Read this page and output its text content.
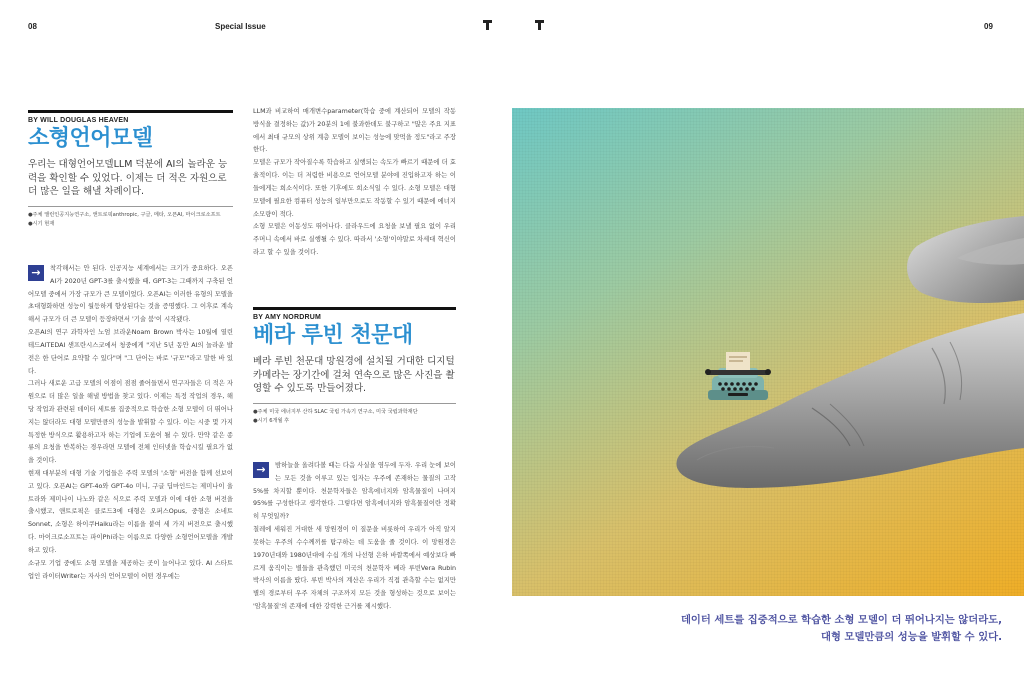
08	Special Issue	09
BY WILL DOUGLAS HEAVEN
소형언어모델
우리는 대형언어모델LLM 덕분에 AI의 놀라운 능력을 확인할 수 있었다. 이제는 더 적은 자원으로 더 많은 일을 해낼 차례이다.
●주체 앨런인공지능연구소, 앤트로픽anthropic, 구글, 메타, 오픈AI, 마이크로소프트
●시기 현재
→	착각해서는 안 된다. 인공지능 세계에서는 크기가 중요하다. 오픈AI가 2020년 GPT-3를 출시했을 때, GPT-3는 그때까지 구축된 언어모델 중에서 가장 규모가 큰 모델이었다. 오픈AI는 이러한 유형의 모델을 초대형화하면 성능이 월등하게 향상된다는 것을 증명했다. 그 이후로 계속해서 규모가 더 큰 모델이 등장하면서 '기술 붐'이 시작됐다.

오픈AI의 연구 과학자인 노엄 브라운Noam Brown 박사는 10월에 열린 테드AITEDAI 샌프란시스코에서 청중에게 "지난 5년 동안 AI의 놀라운 발전은 한 단어로 요약할 수 있다"며 "그 단어는 바로 '규모'"라고 말한 바 있다.

그러나 새로운 고급 모델의 이점이 점점 줄어들면서 연구자들은 더 적은 자원으로 더 많은 일을 해낼 방법을 찾고 있다. 이제는 특정 작업의 경우, 해당 작업과 관련된 데이터 세트를 집중적으로 학습한 소형 모델이 더 뛰어나지는 않더라도 대형 모델만큼의 성능을 발휘할 수 있다. 이는 시중 몇 가지 특정한 방식으로 활용하고자 하는 기업에 도움이 될 수 있다. 만약 같은 종류의 요청을 반복하는 경우라면 모델에 전체 인터넷을 학습시킬 필요가 없을 것이다.

현재 대부분의 대형 기술 기업들은 주력 모델의 '소형' 버전을 함께 선보이고 있다. 오픈AI는 GPT-4o와 GPT-4o 미니, 구글 딥마인드는 제미나이 울트라와 제미나이 나노와 같은 식으로 주력 모델과 이에 대한 소형 버전을 출시했고, 앤트로픽은 클로드3에 대형은 오퍼스Opus, 중형은 소네트Sonnet, 소형은 하이쿠Haiku라는 이름을 붙여 세 가지 버전으로 출시했다. 마이크로소프트는 파이Phi라는 이름으로 다양한 소형언어모델을 개발하고 있다.

소규모 기업 중에도 소형 모델을 제공하는 곳이 늘어나고 있다. AI 스타트업인 라이터Writer는 자사의 언어모델이 어떤 경우에는

LLM과 비교하여 매개변수parameter(학습 중에 계산되어 모델의 작동 방식을 결정하는 값)가 20분의 1에 불과한데도 불구하고 "많은 주요 지표에서 최대 규모의 상위 계층 모델이 보이는 성능에 맞먹을 정도"라고 주장한다.

모델은 규모가 작아질수록 학습하고 실행되는 속도가 빠르기 때문에 더 효율적이다. 이는 더 저렴한 비용으로 언어모델 분야에 진입하고자 하는 이들에게는 희소식이다. 또한 기후에도 희소식일 수 있다. 소형 모델은 대형 모델에 필요한 컴퓨터 성능의 일부만으로도 작동할 수 있기 때문에 에너지 소모량이 적다.

소형 모델은 이동성도 뛰어나다. 클라우드에 요청을 보낼 필요 없이 우리 주머니 속에서 바로 실행될 수 있다. 따라서 '소형'이야말로 차세대 혁신이라고 할 수 있을 것이다.

BY AMY NORDRUM
베라 루빈 천문대
베라 루빈 천문대 망원경에 설치될 거대한 디지털카메라는 장기간에 걸쳐 연속으로 많은 사진을 촬영할 수 있도록 만들어졌다.
●주체 미국 에너지부 산하 SLAC 국립 가속기 연구소, 미국 국립과학재단
●시기 6개월 후
→	밤하늘을 올려다볼 때는 다음 사실을 염두에 두자. 우리 눈에 보이는 모든 것을 이루고 있는 입자는 우주에 존재하는 물질의 고작 5%를 차지할 뿐이다. 천문학자들은 암흑에너지와 암흑물질이 나머지 95%를 구성한다고 생각한다. 그렇다면 암흑에너지와 암흑물질이란 정확히 무엇일까?

칠레에 세워진 거대한 새 망원경이 이 질문을 비롯하여 우리가 아직 알지 못하는 우주의 수수께끼를 탐구하는 데 도움을 줄 것이다. 이 망원경은 1970년대와 1980년대에 수십 개의 나선형 은하 바깥쪽에서 예상보다 빠르게 움직이는 별들을 관측했던 미국의 천문학자 베라 루빈Vera Rubin 박사의 이름을 땄다. 루빈 박사의 계산은 우리가 직접 관측할 수는 없지만 별의 경로부터 우주 자체의 구조까지 모든 것을 형성하는 것으로 보이는 '암흑물질'의 존재에 대한 강력한 근거를 제시했다.

데이터 세트를 집중적으로 학습한 소형 모델이 더 뛰어나지는 않더라도,
대형 모델만큼의 성능을 발휘할 수 있다.
